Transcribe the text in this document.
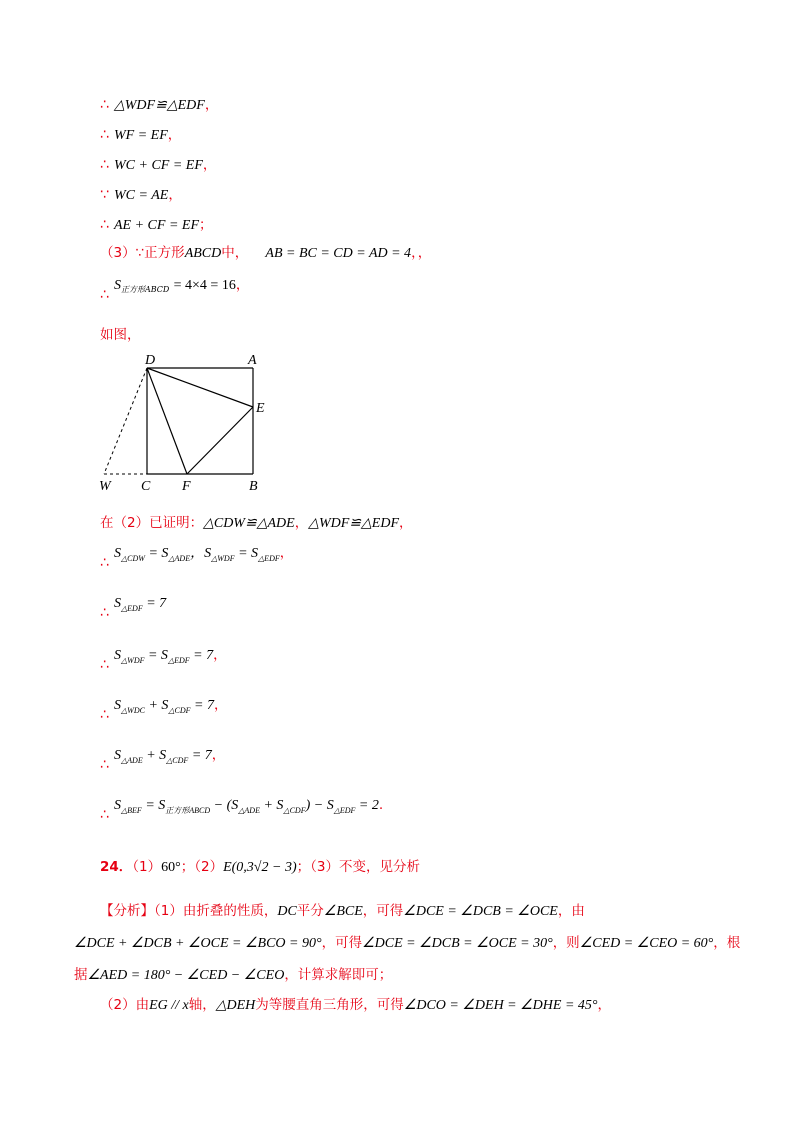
∴ △WDF≌△EDF，
∴ WF = EF，
∴ WC + CF = EF，
∵ WC = AE，
∴ AE + CF = EF；
（3）∵正方形ABCD中， AB = BC = CD = AD = 4，，
$\therefore S_{正方形ABCD} = 4\times 4 = 16$，
如图，
D	A
E
W C F	B
在（2）已证明：△CDW≌△ADE，△WDF≌△EDF，
$\therefore S_{\triangle CDW} = S_{\triangle ADE}$，$S_{\triangle WDF} = S_{\triangle EDF}$，
$\therefore S_{\triangle EDF} = 7$
$\therefore S_{\triangle WDF} = S_{\triangle EDF} = 7$，
$\therefore S_{\triangle WDC} + S_{\triangle CDF} = 7$，
$\therefore S_{\triangle ADE} + S_{\triangle CDF} = 7$，
$\therefore S_{\triangle BEF} = S_{正方形ABCD} - (S_{\triangle ADE} + S_{\triangle CDF}) - S_{\triangle EDF} = 2$.
24．（1）60°；（2）E(0,3√2 − 3)；（3）不变，见分析
【分析】（1）由折叠的性质，DC平分∠BCE，可得∠DCE = ∠DCB = ∠OCE，由
∠DCE + ∠DCB + ∠OCE = ∠BCO = 90°，可得∠DCE = ∠DCB = ∠OCE = 30°，则∠CED = ∠CEO = 60°，根
据∠AED = 180° − ∠CED − ∠CEO，计算求解即可；
（2）由EG // x轴，△DEH为等腰直角三角形，可得∠DCO = ∠DEH = ∠DHE = 45°，
